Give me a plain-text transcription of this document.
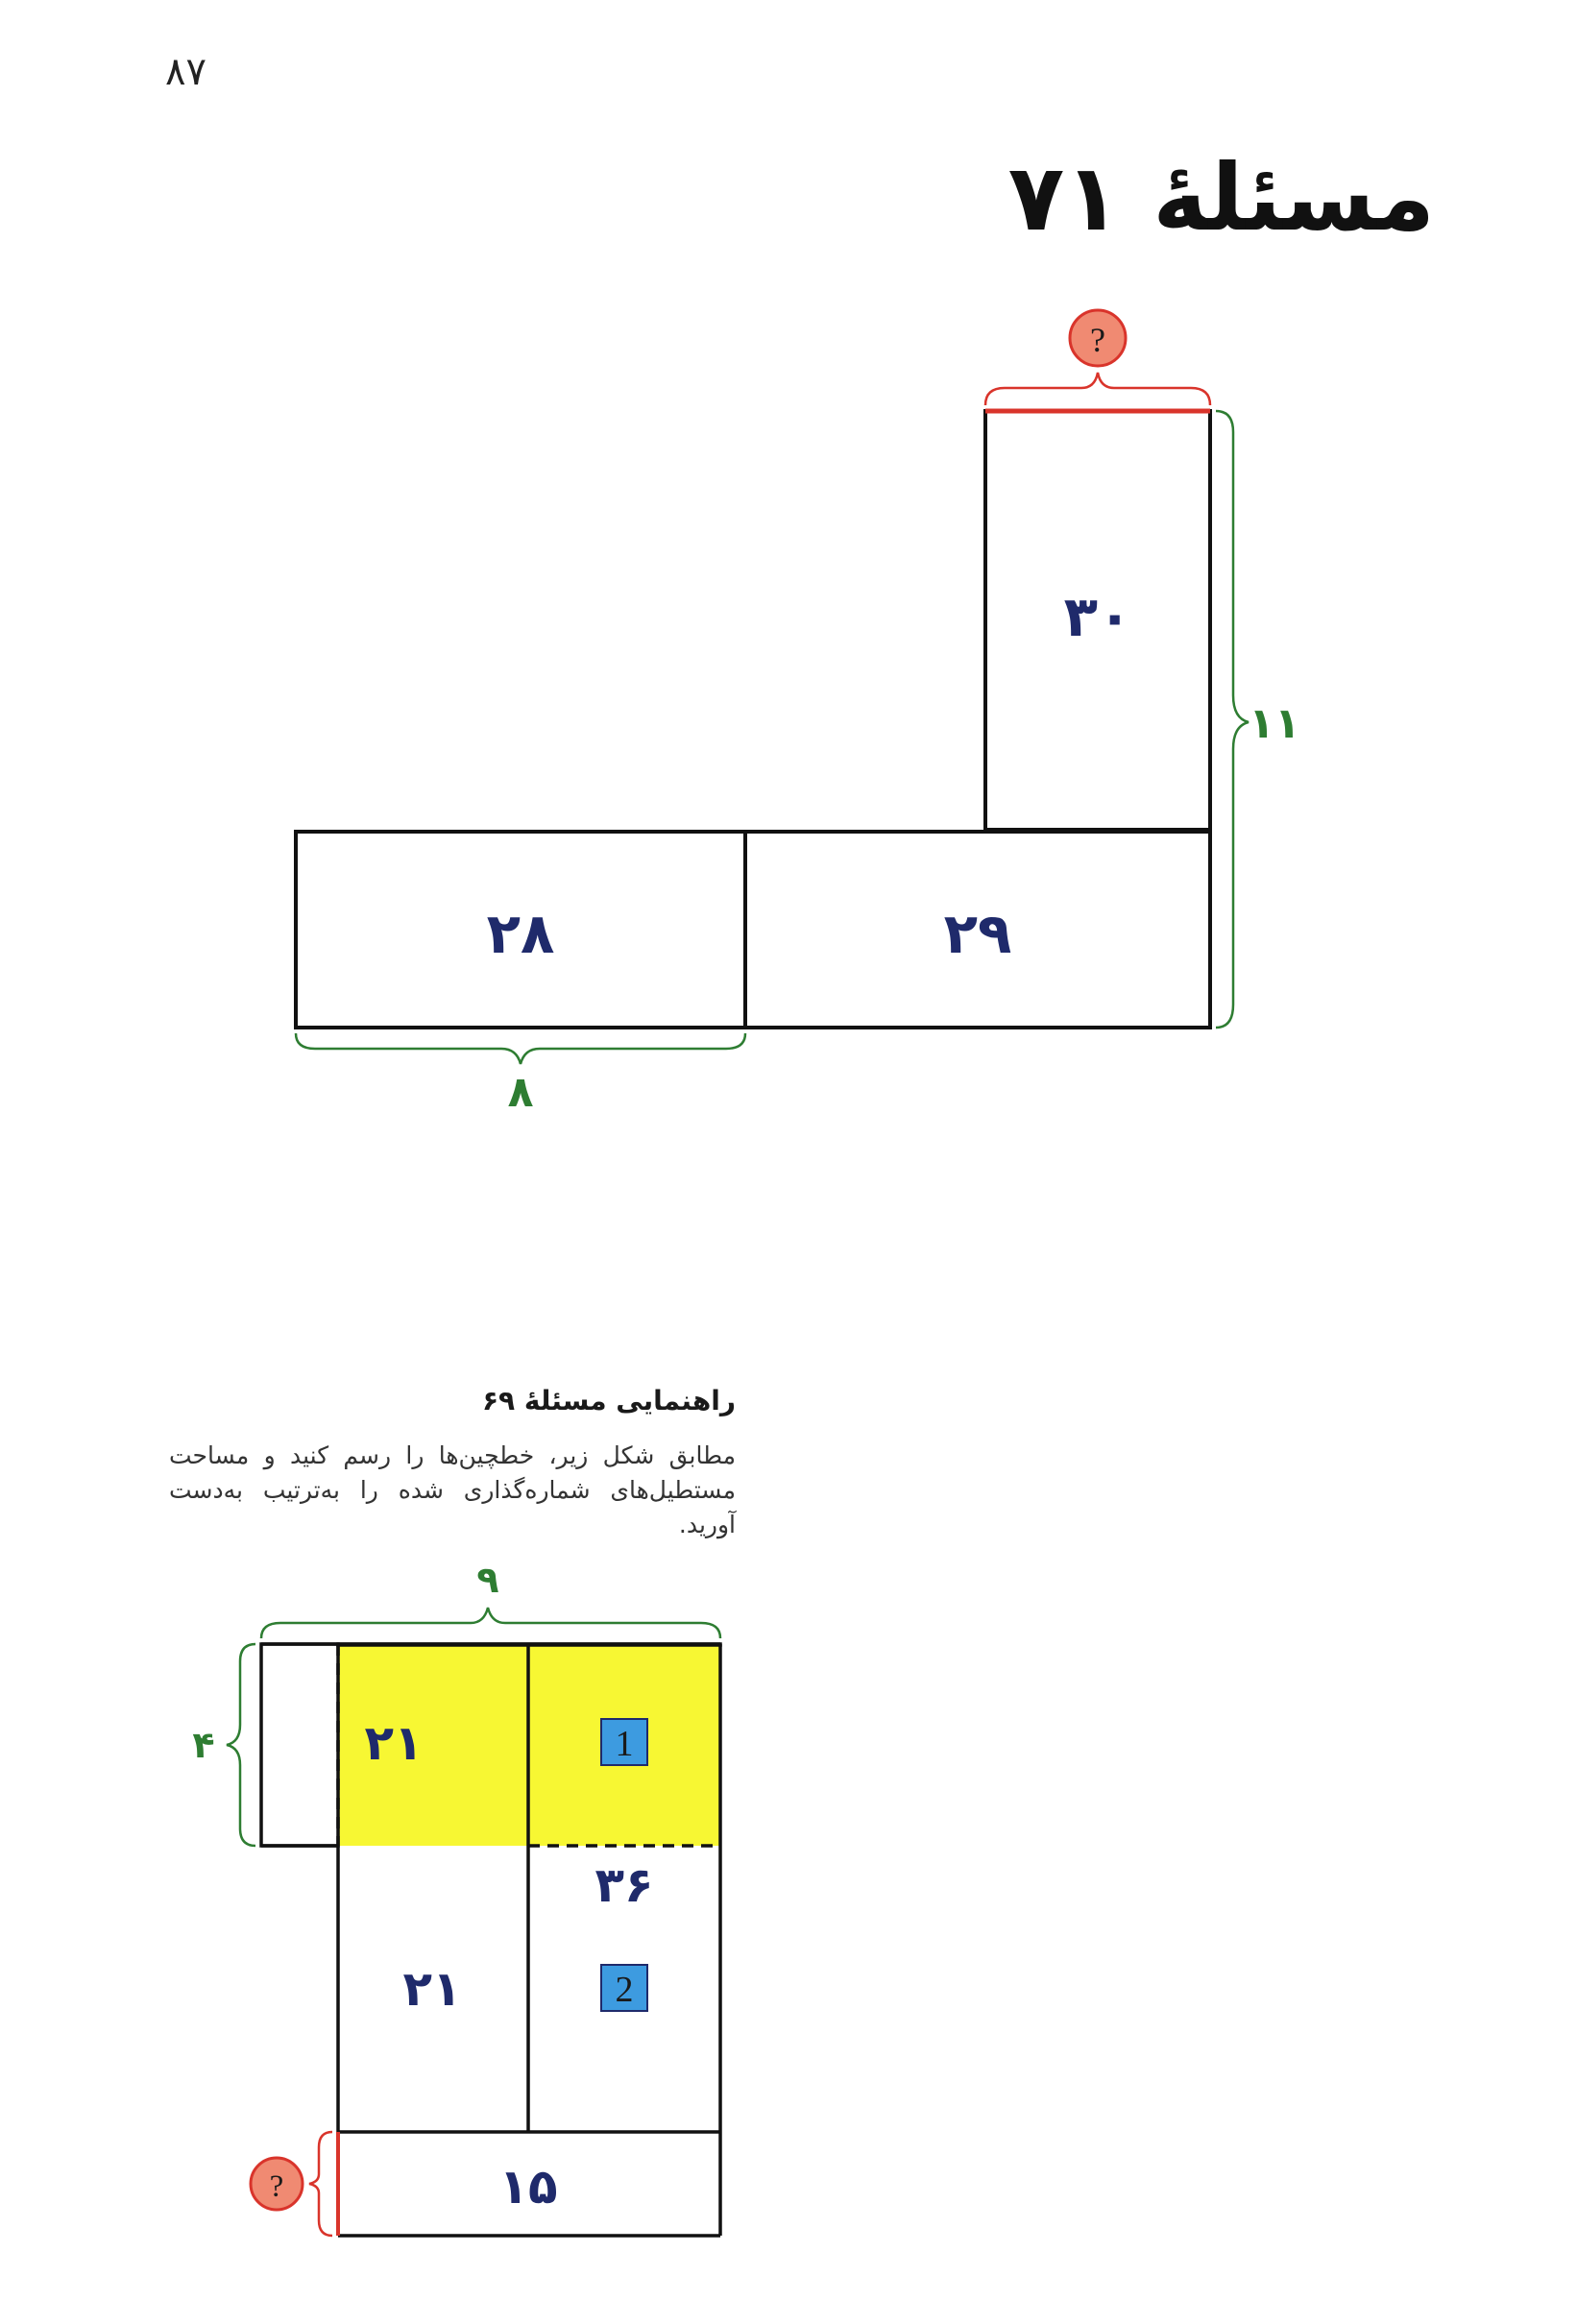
۸۷
مسئلهٔ ۷۱
?
۱۱
۸
۳۰
۲۸	۲۹
راهنمایی مسئلهٔ ۶۹
مطابق شکل زیر، خطچین‌ها را رسم کنید و مساحت مستطیل‌های شماره‌گذاری شده را به‌ترتیب به‌دست آورید.
۹
۴
?
۲۱
۳۶
۲۱
۱۵
1
2
